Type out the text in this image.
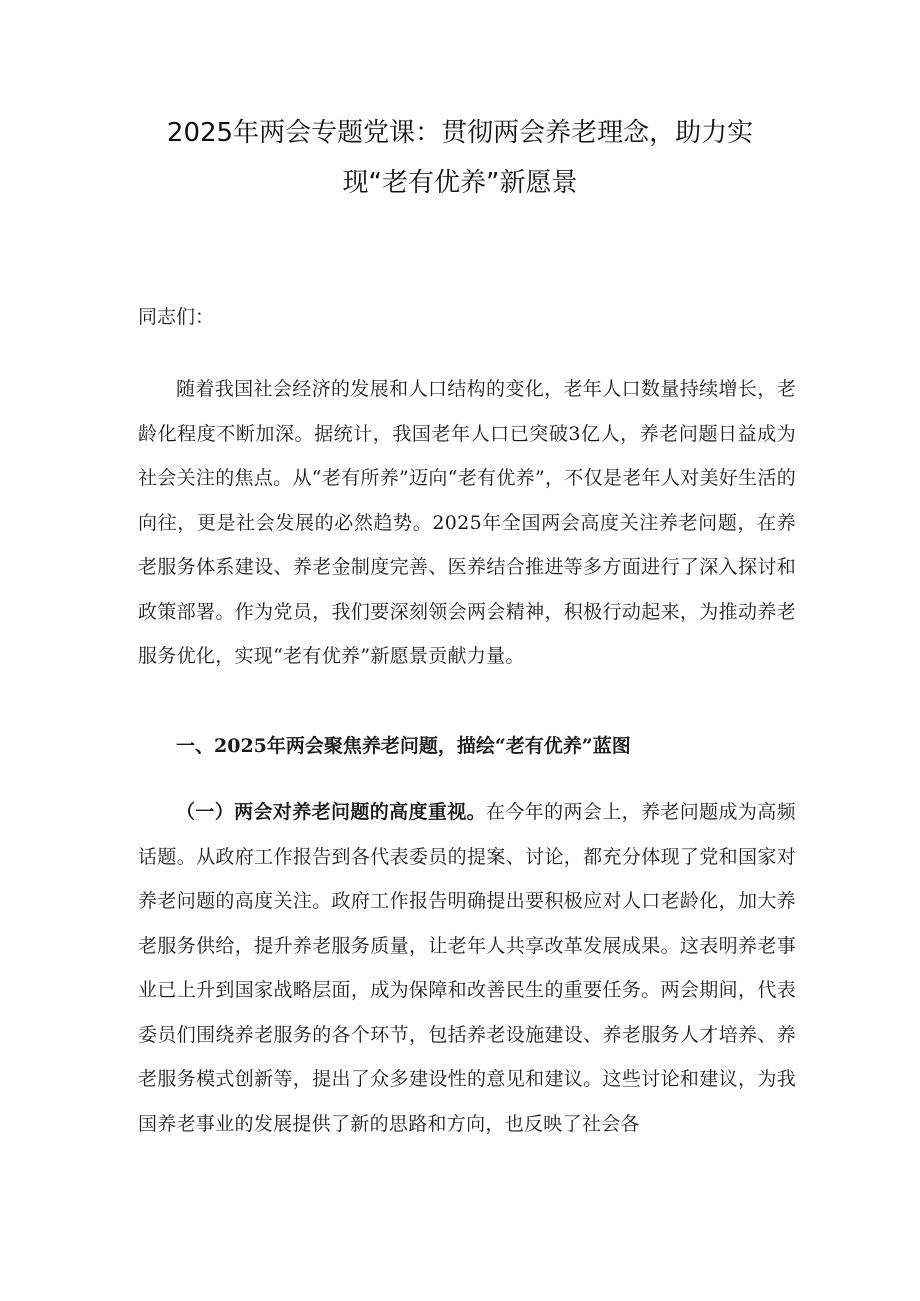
2025年两会专题党课：贯彻两会养老理念，助力实现“老有优养”新愿景

同志们：

随着我国社会经济的发展和人口结构的变化，老年人口数量持续增长，老龄化程度不断加深。据统计，我国老年人口已突破3亿人，养老问题日益成为社会关注的焦点。从“老有所养”迈向“老有优养”，不仅是老年人对美好生活的向往，更是社会发展的必然趋势。2025年全国两会高度关注养老问题，在养老服务体系建设、养老金制度完善、医养结合推进等多方面进行了深入探讨和政策部署。作为党员，我们要深刻领会两会精神，积极行动起来，为推动养老服务优化，实现“老有优养”新愿景贡献力量。

一、2025年两会聚焦养老问题，描绘“老有优养”蓝图

（一）两会对养老问题的高度重视。在今年的两会上，养老问题成为高频话题。从政府工作报告到各代表委员的提案、讨论，都充分体现了党和国家对养老问题的高度关注。政府工作报告明确提出要积极应对人口老龄化，加大养老服务供给，提升养老服务质量，让老年人共享改革发展成果。这表明养老事业已上升到国家战略层面，成为保障和改善民生的重要任务。两会期间，代表委员们围绕养老服务的各个环节，包括养老设施建设、养老服务人才培养、养老服务模式创新等，提出了众多建设性的意见和建议。这些讨论和建议，为我国养老事业的发展提供了新的思路和方向，也反映了社会各
